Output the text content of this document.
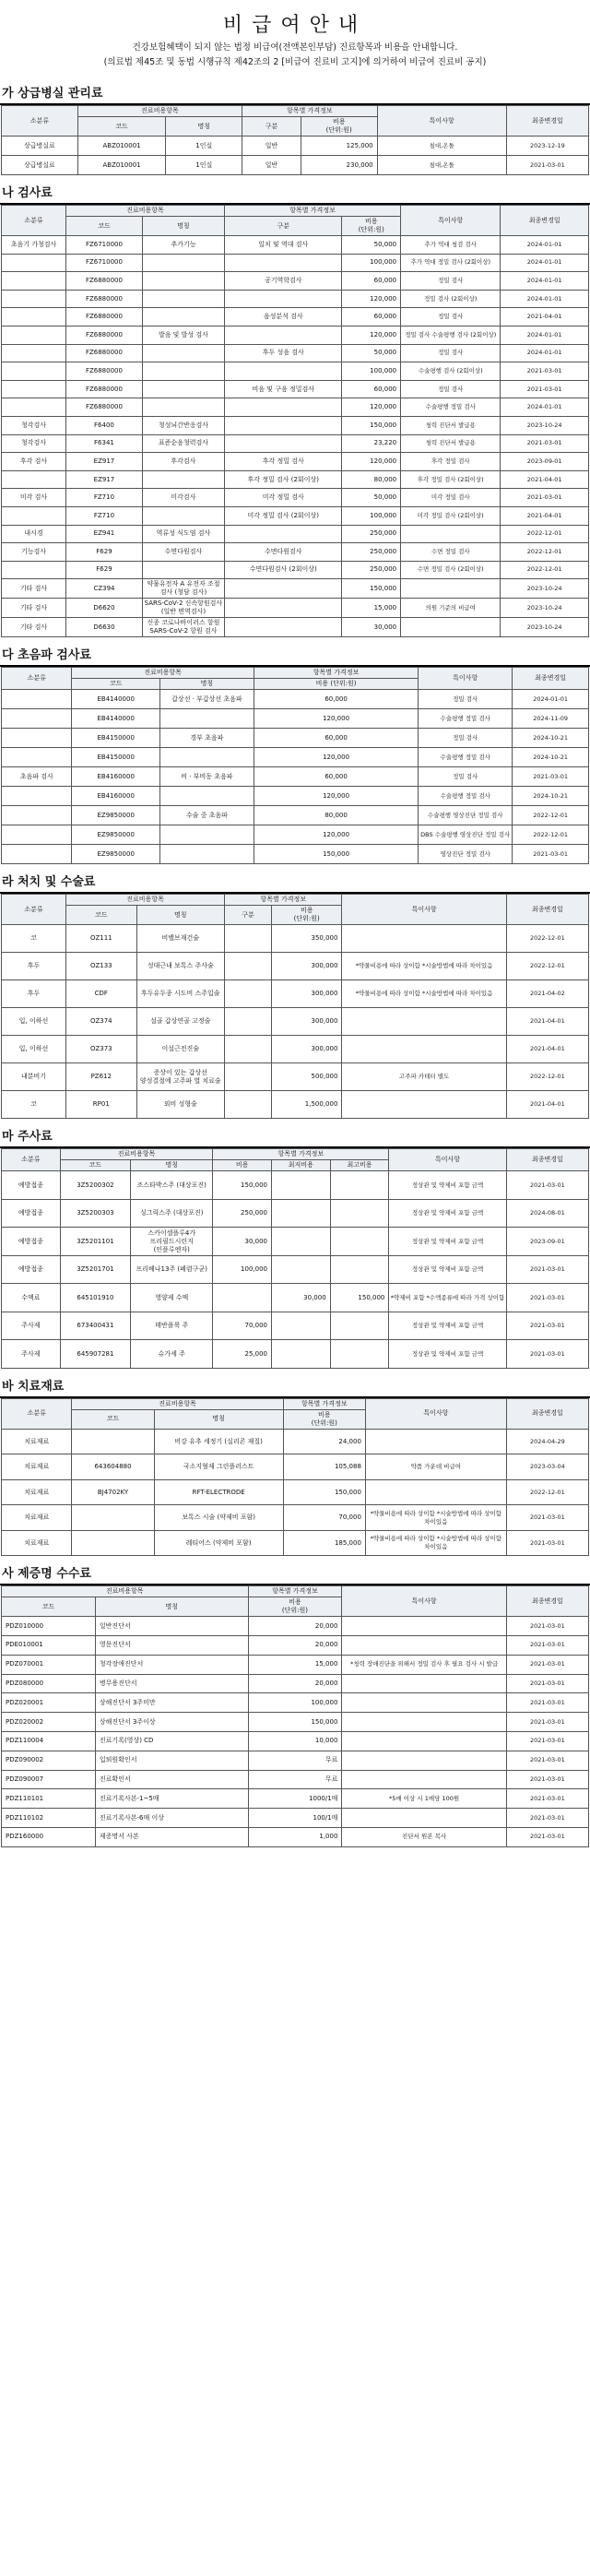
비급여안내
건강보험혜택이 되지 않는 법정 비급여(전액본인부담) 진료항목과 비용을 안내합니다.
(의료법 제45조 및 동법 시행규칙 제42조의 2 [비급여 진료비 고지]에 의거하여 비급여 진료비 공지)
가 상급병실 관리료
소분류	진료비용항목		항목별 가격정보		특이사항	최종변경일
	코드	명칭	구분	비용
(단위:원)		
상급병실료	ABZ010001	1인실	일반	125,000	침대,온돌	2023-12-19
상급병실료	ABZ010001	1인실	일반	230,000	침대,온돌	2021-03-01
나 검사료
소분류	진료비용항목		항목별 가격정보		특이사항	최종변경일
	코드	명칭	구분	비용
(단위:원)		
초음기 가청검사	FZ6710000	추가기능	일치 및 역대 검사	50,000	추가 역대 청검 검사	2024-01-01
	FZ6710000			100,000	추가 역대 정밀 검사 (2회이상)	2024-01-01
	FZ6880000		공기역학검사	60,000	정밀 검사	2024-01-01
	FZ6880000			120,000	정밀 검사 (2회이상)	2024-01-01
	FZ6880000		음성분석 검사	60,000	정밀 검사	2021-04-01
	FZ6880000	발음 및 발성 검사		120,000	정밀 검사 수술평행 검사 (2회이상)	2024-01-01
	FZ6880000		후두 성음 검사	50,000	정밀 검사	2024-01-01
	FZ6880000			100,000	수술평행 검사 (2회이상)	2021-03-01
	FZ6880000		비음 및 구음 정밀검사	60,000	정밀 검사	2021-03-01
	FZ6880000			120,000	수술평행 정밀 검사	2024-01-01
청각검사	F6400	청성뇌간반응검사		150,000	청력 진단서 발급용	2023-10-24
청각검사	F6341	표준순음청력검사		23,220	청력 진단서 발급용	2021-03-01
후각 검사	EZ917	후각검사	후각 정밀 검사	120,000	후각 정밀 검사	2023-09-01
	EZ917		후각 정밀 검사 (2회이상)	80,000	후각 정밀 검사 (2회이상)	2021-04-01
미각 검사	FZ710	미각검사	미각 정밀 검사	50,000	미각 정밀 검사	2021-03-01
	FZ710		미각 정밀 검사 (2회이상)	100,000	미각 정밀 검사 (2회이상)	2021-04-01
내시경	EZ941	역류성 식도염 검사		250,000		2022-12-01
기능검사	F629	수면다원검사	수면다원검사	250,000	수면 정밀 검사	2022-12-01
	F629		수면다원검사 (2회이상)	250,000	수면 정밀 검사 (2회이상)	2022-12-01
기타 검사	CZ394	약물유전자 A 유전자 조절 검사 (청담 검사)		150,000		2023-10-24
기타 검사	D6620	SARS-CoV-2 신속항원검사 (일반 면역검사)		15,000	의원 기준의 비급여	2023-10-24
기타 검사	D6630	신종 코로나바이러스 항원 SARS-CoV-2 항원 검사		30,000		2023-10-24
다 초음파 검사료
소분류	진료비용항목		항목별 가격정보	특이사항	최종변경일
	코드	명칭	비용 (단위:원)		
	EB4140000	갑상선 · 부갑상선 초음파	60,000	정밀 검사	2024-01-01
	EB4140000		120,000	수술평행 정밀 검사	2024-11-09
	EB4150000	경부 초음파	60,000	정밀 검사	2024-10-21
	EB4150000		120,000	수술평행 정밀 검사	2024-10-21
초음파 검사	EB4160000	비 · 부비동 초음파	60,000	정밀 검사	2021-03-01
	EB4160000		120,000	수술평행 정밀 검사	2024-10-21
	EZ9850000	수술 중 초음파	80,000	수술평행 영상진단 정밀 검사	2022-12-01
	EZ9850000		120,000	DBS 수술평행 영상진단 정밀 검사	2022-12-01
	EZ9850000		150,000	영상진단 정밀 검사	2021-03-01
라 처치 및 수술료
소분류	진료비용항목		항목별 가격정보		특이사항	최종변경일
	코드	명칭	구분	비용
(단위:원)		
코	OZ111	비밸브재건술		350,000		2022-12-01
후두	OZ133	성대근내 보톡스 주사술		300,000	*약물비용에 따라 상이함 *시술방법에 따라 차이있음	2022-12-01
후두	CDF	후두유두종 시도비 스주입술		300,000	*약물비용에 따라 상이함 *시술방법에 따라 차이있음	2021-04-02
입, 이하선	OZ374	설골 갑상연골 고정술		300,000		2021-04-01
입, 이하선	OZ373	이설근전진술		300,000		2021-04-01
내분비기	PZ612	증상이 있는 갑상선 양성결절에 고주파 열 치료술		500,000	고주파 카테터 별도	2022-12-01
코	RP01	외비 성형술		1,500,000		2021-04-01
마 주사료
소분류	진료비용항목		항목별 가격정보			특이사항	최종변경일
	코드	명칭	비용	최저비용	최고비용		
예방접종	3Z5200302	조스타박스주 (대상포진)	150,000			정상관 및 약제비 포함 금액	2021-03-01
예방접종	3Z5200303	싱그릭스주 (대상포진)	250,000			정상관 및 약제비 포함 금액	2024-08-01
예방접종	3Z5201101	스카이셀플루4가 프리필드시린지 (인플루엔자)	30,000			정상관 및 약제비 포함 금액	2023-09-01
예방접종	3Z5201701	프리베나13주 (폐렴구균)	100,000			정상관 및 약제비 포함 금액	2021-03-01
수액료	645101910	영양제 수액		30,000	150,000	*약제비 포함 *수액종류에 따라 가격 상이함	2021-03-01
주사제	673400431	태반플룩 주	70,000			정상관 및 약제비 포함 금액	2021-03-01
주사제	645907281	슈가세 주	25,000			정상관 및 약제비 포함 금액	2021-03-01
바 치료재료
소분류	진료비용항목		항목별 가격정보	특이사항	최종변경일
	코드	명칭	비용
(단위:원)		
치료재료		비강 유추 세정기 (실리콘 재질)	24,000		2024-04-29
치료재료	643604880	국소지혈제 그린플러스트	105,088	약품 가운데 비급여	2023-03-04
치료재료	BJ4702KY	RFT-ELECTRODE	150,000		2022-12-01
치료재료		보톡스 시술 (약제비 포함)	70,000	*약물비용에 따라 상이함 *시술방법에 따라 상이함 차이있음	2021-03-01
치료재료		레티어스 (약제비 포함)	185,000	*약물비용에 따라 상이함 *시술방법에 따라 상이함 차이있음	2021-03-01
사 제증명 수수료
진료비용항목		항목별 가격정보	특이사항	최종변경일
코드	명칭	비용
(단위:원)		
PDZ010000	일반진단서	20,000		2021-03-01
PDE010001	영문진단서	20,000		2021-03-01
PDZ070001	청각장애진단서	15,000	*청력 장애진단을 위해서 정밀 검사 후 필요 검사 시 발급	2021-03-01
PDZ080000	병무용진단서	20,000		2021-03-01
PDZ020001	상해진단서 3주미만	100,000		2021-03-01
PDZ020002	상해진단서 3주이상	150,000		2021-03-01
PDZ110004	진료기록(영상) CD	10,000		2021-03-01
PDZ090002	입퇴원확인서	무료		2021-03-01
PDZ090007	진료확인서	무료		2021-03-01
PDZ110101	진료기록사본-1~5매	1000/1매	*5매 이상 시 1매당 100원	2021-03-01
PDZ110102	진료기록사본-6매 이상	100/1매		2021-03-01
PDZ160000	제증명서 사본	1,000	진단서 원본 복사	2021-03-01
